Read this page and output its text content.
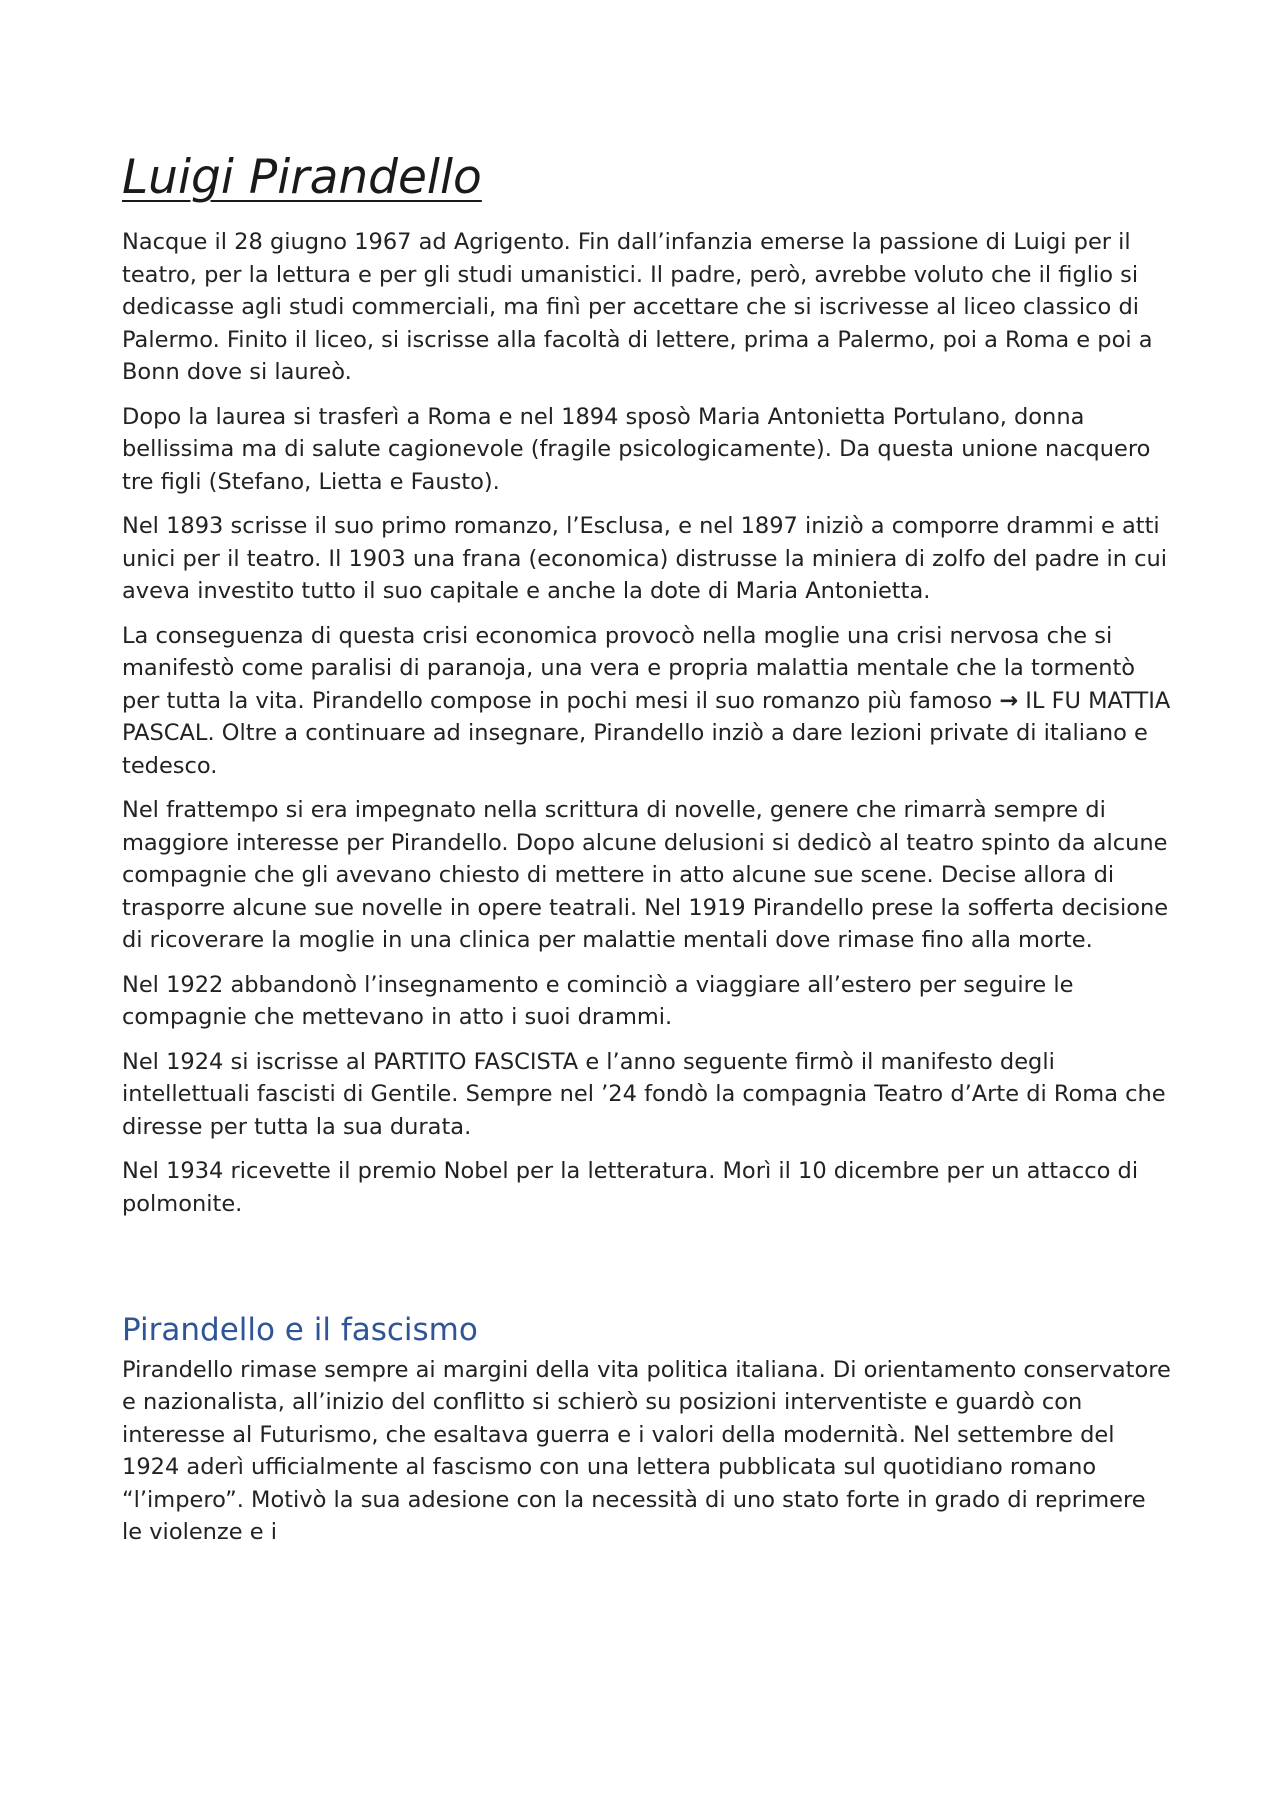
Luigi Pirandello

Nacque il 28 giugno 1967 ad Agrigento. Fin dall’infanzia emerse la passione di Luigi per il teatro, per la lettura e per gli studi umanistici. Il padre, però, avrebbe voluto che il figlio si dedicasse agli studi commerciali, ma finì per accettare che si iscrivesse al liceo classico di Palermo. Finito il liceo, si iscrisse alla facoltà di lettere, prima a Palermo, poi a Roma e poi a Bonn dove si laureò.

Dopo la laurea si trasferì a Roma e nel 1894 sposò Maria Antonietta Portulano, donna bellissima ma di salute cagionevole (fragile psicologicamente). Da questa unione nacquero tre figli (Stefano, Lietta e Fausto).

Nel 1893 scrisse il suo primo romanzo, l’Esclusa, e nel 1897 iniziò a comporre drammi e atti unici per il teatro. Il 1903 una frana (economica) distrusse la miniera di zolfo del padre in cui aveva investito tutto il suo capitale e anche la dote di Maria Antonietta.

La conseguenza di questa crisi economica provocò nella moglie una crisi nervosa che si manifestò come paralisi di paranoja, una vera e propria malattia mentale che la tormentò per tutta la vita. Pirandello compose in pochi mesi il suo romanzo più famoso → IL FU MATTIA PASCAL. Oltre a continuare ad insegnare, Pirandello inziò a dare lezioni private di italiano e tedesco.

Nel frattempo si era impegnato nella scrittura di novelle, genere che rimarrà sempre di maggiore interesse per Pirandello. Dopo alcune delusioni si dedicò al teatro spinto da alcune compagnie che gli avevano chiesto di mettere in atto alcune sue scene. Decise allora di trasporre alcune sue novelle in opere teatrali. Nel 1919 Pirandello prese la sofferta decisione di ricoverare la moglie in una clinica per malattie mentali dove rimase fino alla morte.

Nel 1922 abbandonò l’insegnamento e cominciò a viaggiare all’estero per seguire le compagnie che mettevano in atto i suoi drammi.

Nel 1924 si iscrisse al PARTITO FASCISTA e l’anno seguente firmò il manifesto degli intellettuali fascisti di Gentile. Sempre nel ’24 fondò la compagnia Teatro d’Arte di Roma che diresse per tutta la sua durata.

Nel 1934 ricevette il premio Nobel per la letteratura. Morì il 10 dicembre per un attacco di polmonite.

Pirandello e il fascismo

Pirandello rimase sempre ai margini della vita politica italiana. Di orientamento conservatore e nazionalista, all’inizio del conflitto si schierò su posizioni interventiste e guardò con interesse al Futurismo, che esaltava guerra e i valori della modernità. Nel settembre del 1924 aderì ufficialmente al fascismo con una lettera pubblicata sul quotidiano romano “l’impero”. Motivò la sua adesione con la necessità di uno stato forte in grado di reprimere le violenze e i
